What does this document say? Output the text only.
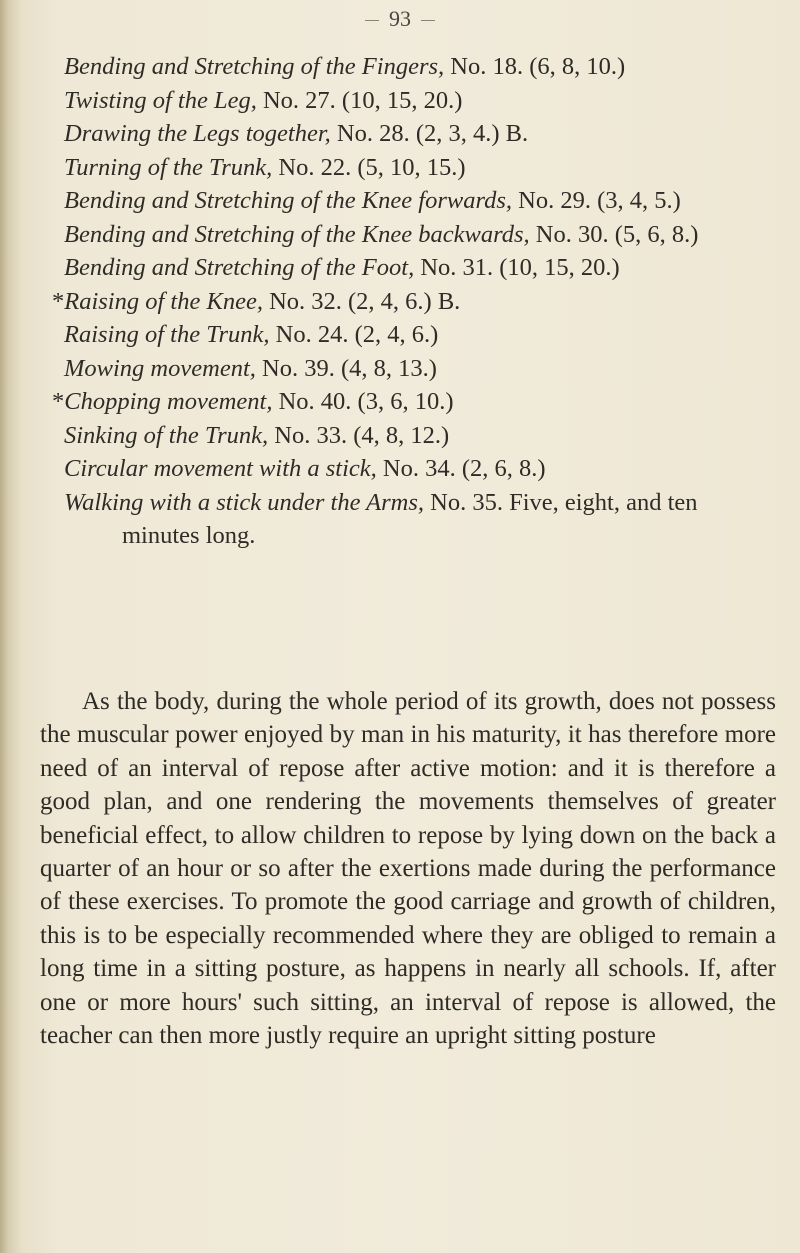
93

Bending and Stretching of the Fingers, No. 18. (6, 8, 10.)

Twisting of the Leg, No. 27. (10, 15, 20.)

Drawing the Legs together, No. 28. (2, 3, 4.) B.

Turning of the Trunk, No. 22. (5, 10, 15.)

Bending and Stretching of the Knee forwards, No. 29. (3, 4, 5.)

Bending and Stretching of the Knee backwards, No. 30. (5, 6, 8.)

Bending and Stretching of the Foot, No. 31. (10, 15, 20.)

*Raising of the Knee, No. 32. (2, 4, 6.) B.

Raising of the Trunk, No. 24. (2, 4, 6.)

Mowing movement, No. 39. (4, 8, 13.)

*Chopping movement, No. 40. (3, 6, 10.)

Sinking of the Trunk, No. 33. (4, 8, 12.)

Circular movement with a stick, No. 34. (2, 6, 8.)

Walking with a stick under the Arms, No. 35. Five, eight, and ten minutes long.

As the body, during the whole period of its growth, does not possess the muscular power enjoyed by man in his maturity, it has therefore more need of an interval of repose after active motion: and it is therefore a good plan, and one rendering the movements themselves of greater beneficial effect, to allow children to repose by lying down on the back a quarter of an hour or so after the exertions made during the performance of these exercises. To promote the good carriage and growth of children, this is to be especially recommended where they are obliged to remain a long time in a sitting posture, as happens in nearly all schools. If, after one or more hours' such sitting, an interval of repose is allowed, the teacher can then more justly require an upright sitting posture
